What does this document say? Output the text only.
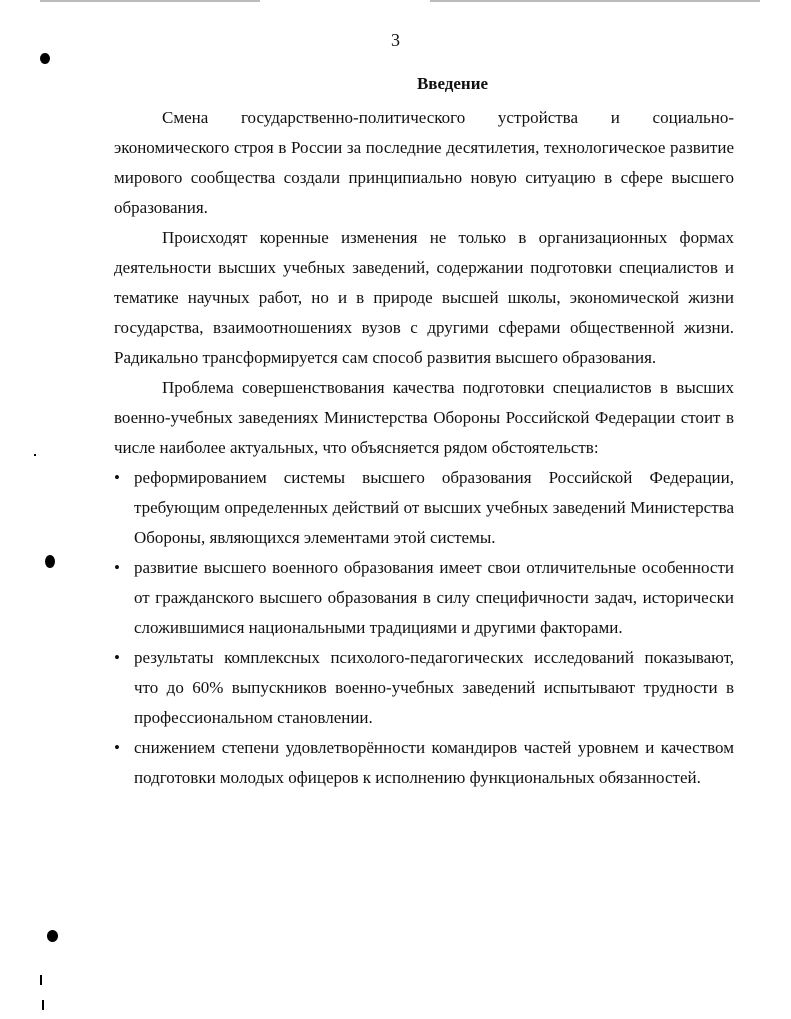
3
Введение

Смена государственно-политического устройства и социально-экономического строя в России за последние десятилетия, технологическое развитие мирового сообщества создали принципиально новую ситуацию в сфере высшего образования.

Происходят коренные изменения не только в организационных формах деятельности высших учебных заведений, содержании подготовки специалистов и тематике научных работ, но и в природе высшей школы, экономической жизни государства, взаимоотношениях вузов с другими сферами общественной жизни. Радикально трансформируется сам способ развития высшего образования.

Проблема совершенствования качества подготовки специалистов в высших военно-учебных заведениях Министерства Обороны Российской Федерации стоит в числе наиболее актуальных, что объясняется рядом обстоятельств:

• реформированием системы высшего образования Российской Федерации, требующим определенных действий от высших учебных заведений Министерства Обороны, являющихся элементами этой системы.
• развитие высшего военного образования имеет свои отличительные особенности от гражданского высшего образования в силу специфичности задач, исторически сложившимися национальными традициями и другими факторами.
• результаты комплексных психолого-педагогических исследований показывают, что до 60% выпускников военно-учебных заведений испытывают трудности в профессиональном становлении.
• снижением степени удовлетворённости командиров частей уровнем и качеством подготовки молодых офицеров к исполнению функциональных обязанностей.
